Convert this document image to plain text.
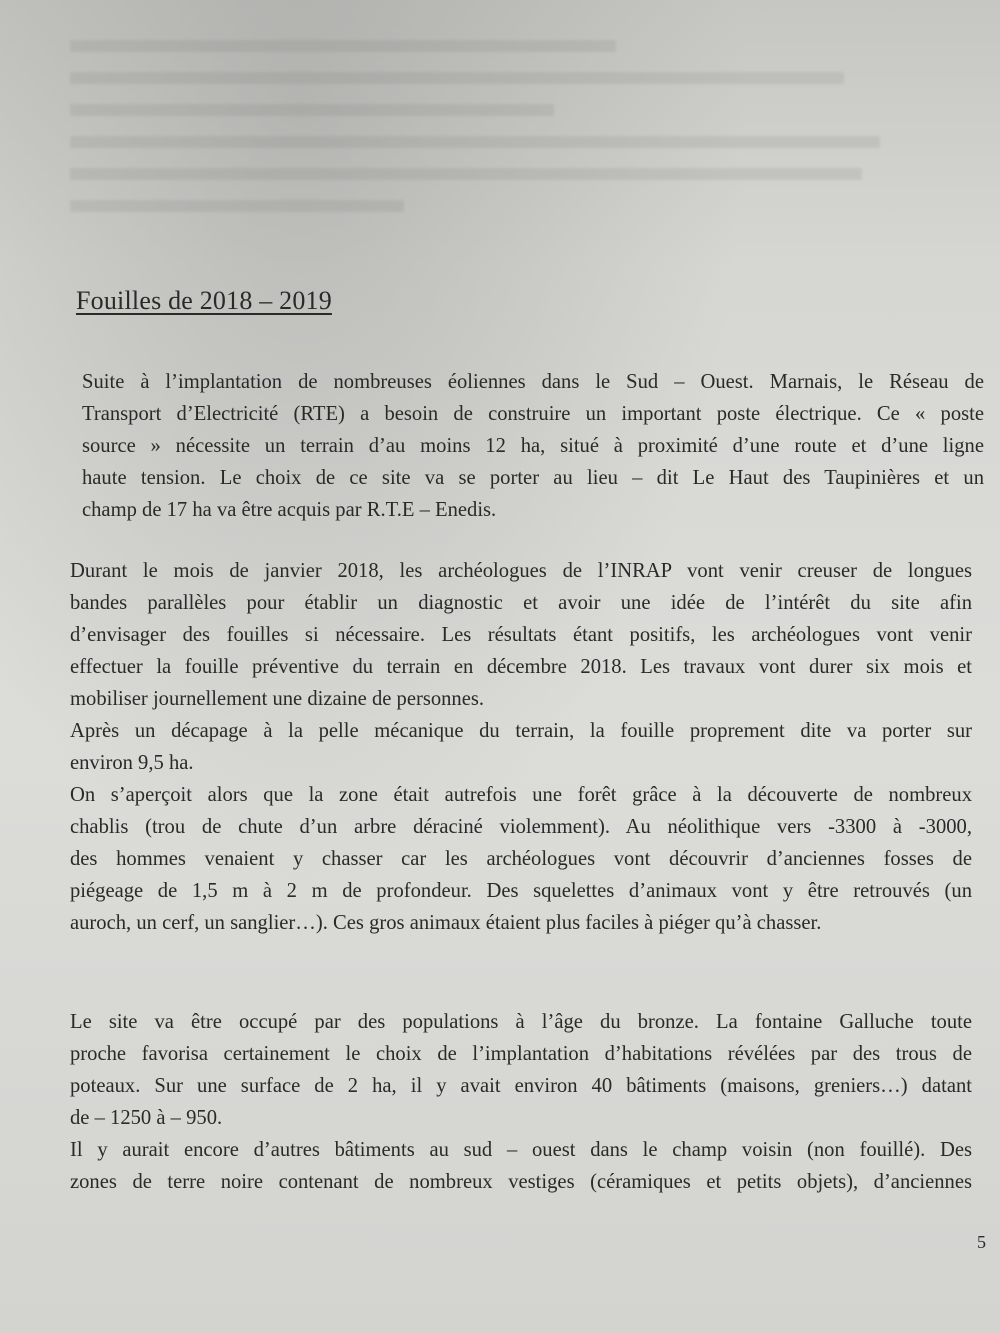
Fouilles de 2018 – 2019

Suite à l’implantation de nombreuses éoliennes dans le Sud – Ouest. Marnais, le Réseau de
Transport d’Electricité (RTE) a besoin de construire un important poste électrique. Ce « poste
source » nécessite un terrain d’au moins 12 ha, situé à proximité d’une route et d’une ligne
haute tension. Le choix de ce site va se porter au lieu – dit Le Haut des Taupinières et un
champ de 17 ha va être acquis par R.T.E – Enedis.

Durant le mois de janvier 2018, les archéologues de l’INRAP vont venir creuser de longues
bandes parallèles pour établir un diagnostic et avoir une idée de l’intérêt du site afin
d’envisager des fouilles si nécessaire. Les résultats étant positifs, les archéologues vont venir
effectuer la fouille préventive du terrain en décembre 2018. Les travaux vont durer six mois et
mobiliser journellement une dizaine de personnes.
Après un décapage à la pelle mécanique du terrain, la fouille proprement dite va porter sur
environ 9,5 ha.
On s’aperçoit alors que la zone était autrefois une forêt grâce à la découverte de nombreux
chablis (trou de chute d’un arbre déraciné violemment). Au néolithique vers -3300 à -3000,
des hommes venaient y chasser car les archéologues vont découvrir d’anciennes fosses de
piégeage de 1,5 m à 2 m de profondeur. Des squelettes d’animaux vont y être retrouvés (un
auroch, un cerf, un sanglier…). Ces gros animaux étaient plus faciles à piéger qu’à chasser.

Le site va être occupé par des populations à l’âge du bronze. La fontaine Galluche toute
proche favorisa certainement le choix de l’implantation d’habitations révélées par des trous de
poteaux. Sur une surface de 2 ha, il y avait environ 40 bâtiments (maisons, greniers…) datant
de – 1250 à – 950.
Il y aurait encore d’autres bâtiments au sud – ouest dans le champ voisin (non fouillé). Des
zones de terre noire contenant de nombreux vestiges (céramiques et petits objets), d’anciennes

5
